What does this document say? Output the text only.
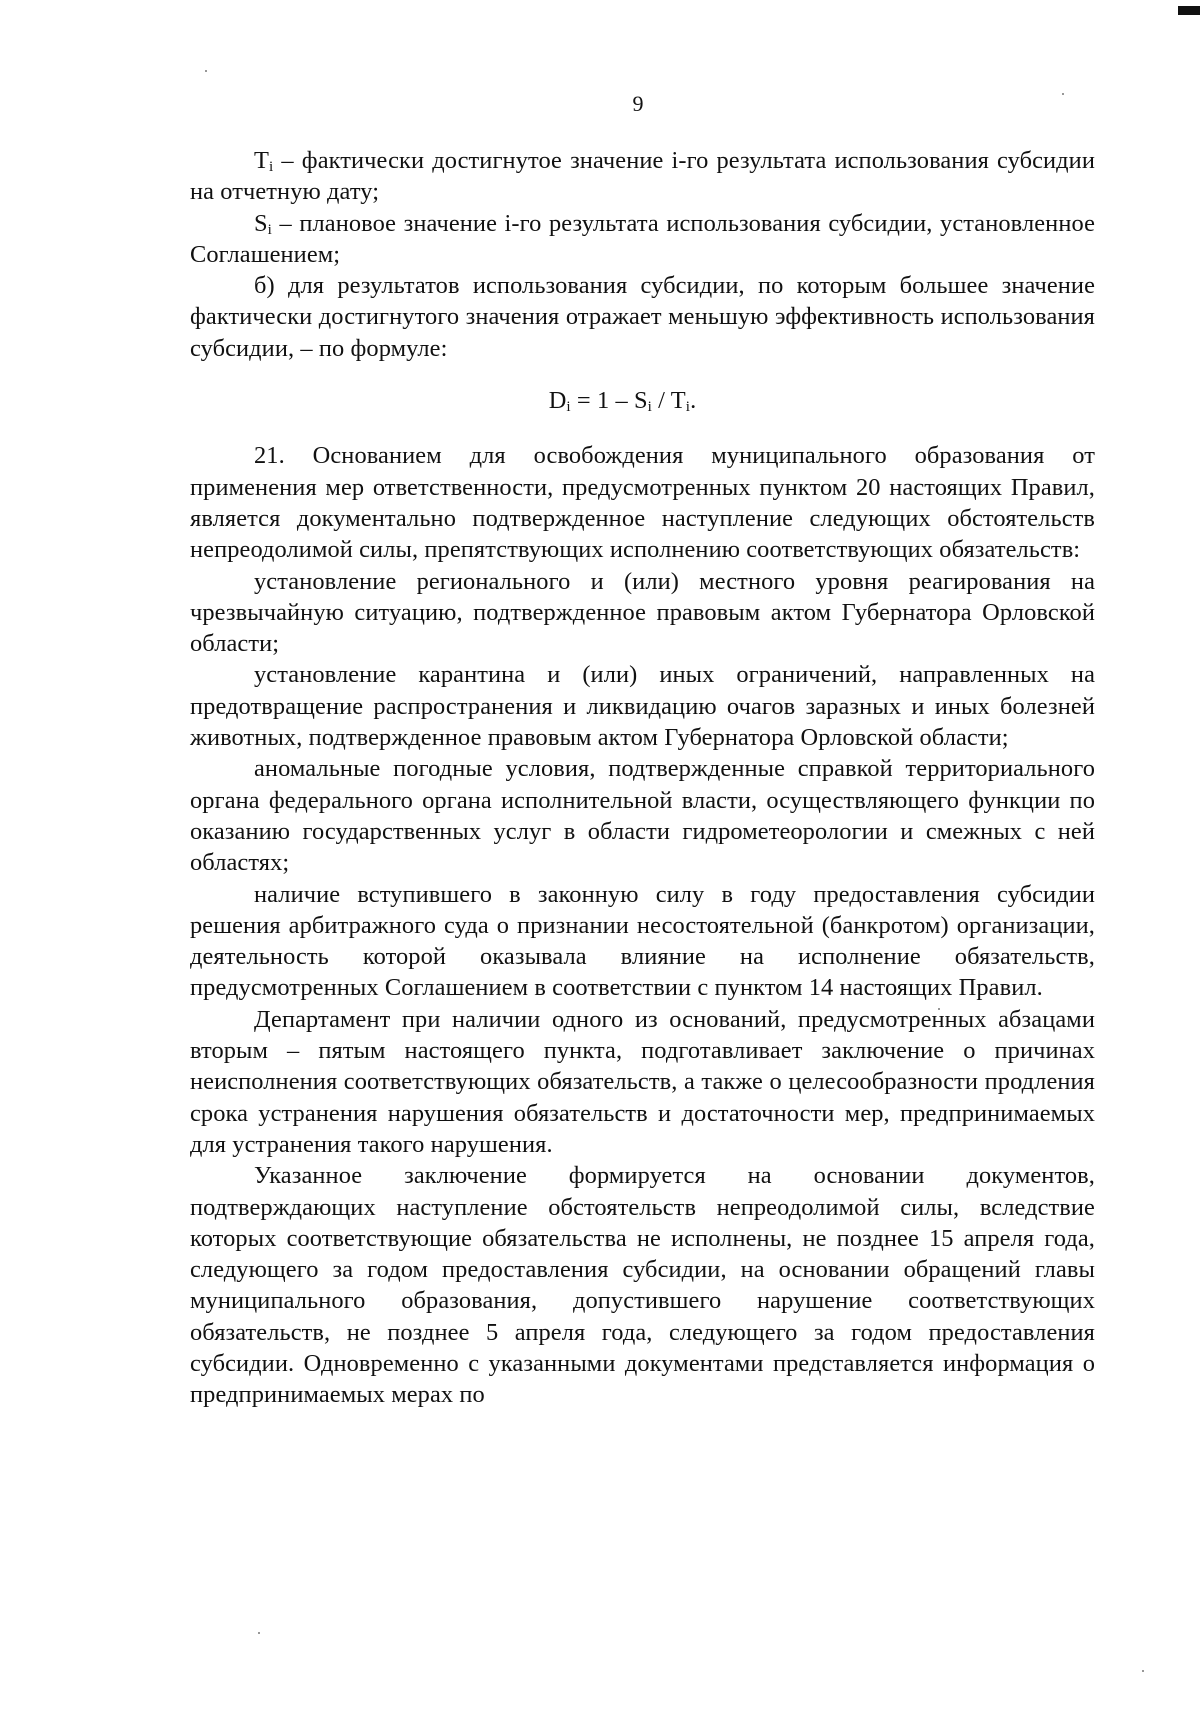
9

$T_i$ – фактически достигнутое значение i-го результата использования субсидии на отчетную дату;

$S_i$ – плановое значение i-го результата использования субсидии, установленное Соглашением;

б) для результатов использования субсидии, по которым большее значение фактически достигнутого значения отражает меньшую эффективность использования субсидии, – по формуле:

$D_i = 1 - S_i / T_i$.

21. Основанием для освобождения муниципального образования от применения мер ответственности, предусмотренных пунктом 20 настоящих Правил, является документально подтвержденное наступление следующих обстоятельств непреодолимой силы, препятствующих исполнению соответствующих обязательств:

установление регионального и (или) местного уровня реагирования на чрезвычайную ситуацию, подтвержденное правовым актом Губернатора Орловской области;

установление карантина и (или) иных ограничений, направленных на предотвращение распространения и ликвидацию очагов заразных и иных болезней животных, подтвержденное правовым актом Губернатора Орловской области;

аномальные погодные условия, подтвержденные справкой территориального органа федерального органа исполнительной власти, осуществляющего функции по оказанию государственных услуг в области гидрометеорологии и смежных с ней областях;

наличие вступившего в законную силу в году предоставления субсидии решения арбитражного суда о признании несостоятельной (банкротом) организации, деятельность которой оказывала влияние на исполнение обязательств, предусмотренных Соглашением в соответствии с пунктом 14 настоящих Правил.

Департамент при наличии одного из оснований, предусмотренных абзацами вторым – пятым настоящего пункта, подготавливает заключение о причинах неисполнения соответствующих обязательств, а также о целесообразности продления срока устранения нарушения обязательств и достаточности мер, предпринимаемых для устранения такого нарушения.

Указанное заключение формируется на основании документов, подтверждающих наступление обстоятельств непреодолимой силы, вследствие которых соответствующие обязательства не исполнены, не позднее 15 апреля года, следующего за годом предоставления субсидии, на основании обращений главы муниципального образования, допустившего нарушение соответствующих обязательств, не позднее 5 апреля года, следующего за годом предоставления субсидии. Одновременно с указанными документами представляется информация о предпринимаемых мерах по
